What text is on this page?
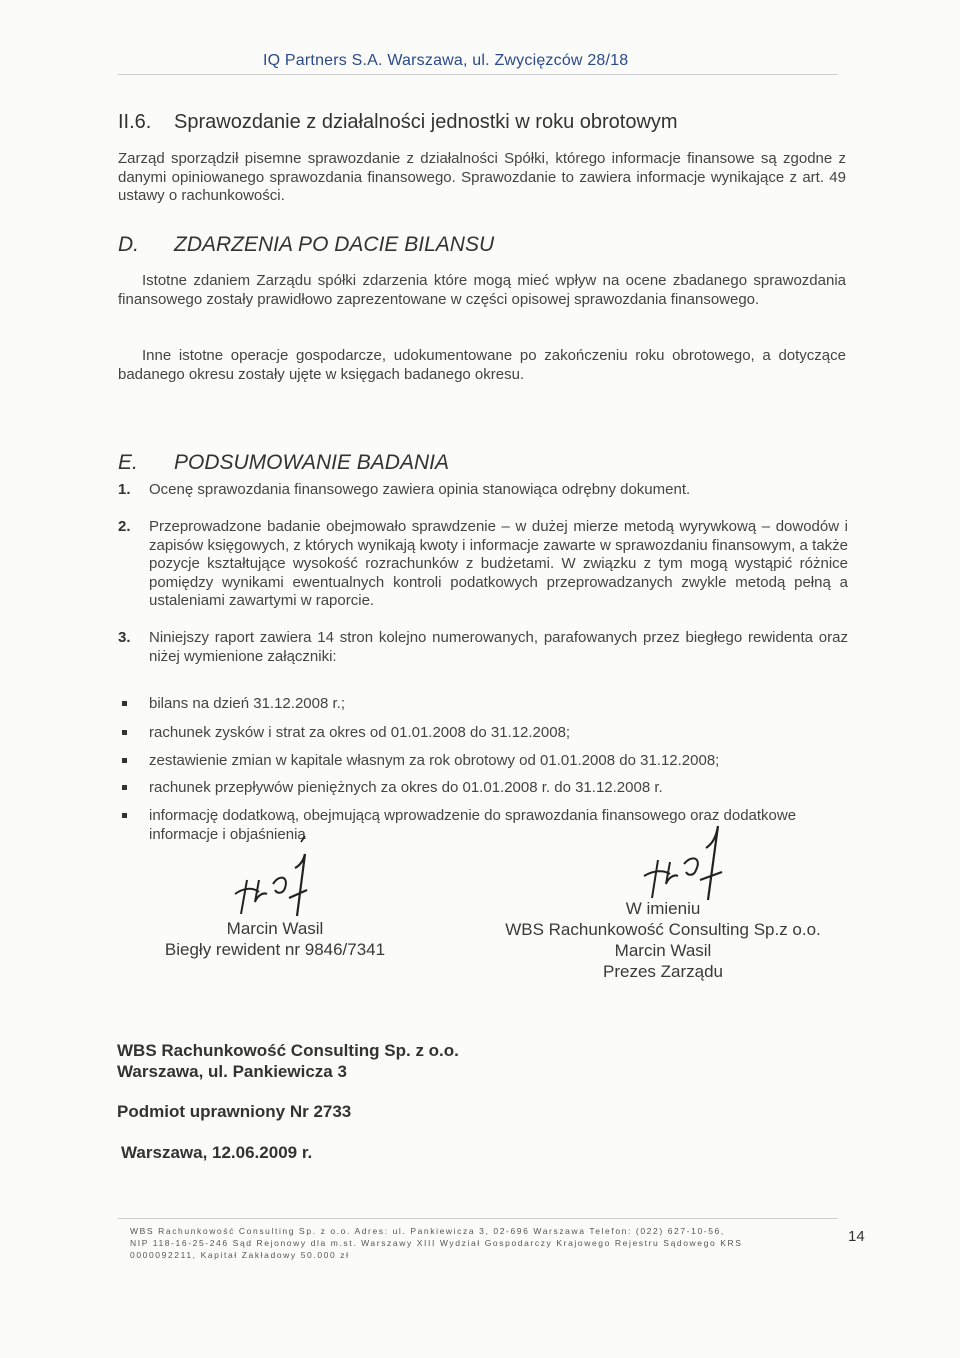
IQ Partners S.A. Warszawa, ul. Zwycięzców 28/18
II.6. Sprawozdanie z działalności jednostki w roku obrotowym
Zarząd sporządził pisemne sprawozdanie z działalności Spółki, którego informacje finansowe są zgodne z danymi opiniowanego sprawozdania finansowego. Sprawozdanie to zawiera informacje wynikające z art. 49 ustawy o rachunkowości.
D. ZDARZENIA PO DACIE BILANSU
Istotne zdaniem Zarządu spółki zdarzenia które mogą mieć wpływ na ocene zbadanego sprawozdania finansowego zostały prawidłowo zaprezentowane w części opisowej sprawozdania finansowego.
Inne istotne operacje gospodarcze, udokumentowane po zakończeniu roku obrotowego, a dotyczące badanego okresu zostały ujęte w księgach badanego okresu.
E. PODSUMOWANIE BADANIA
1.	Ocenę sprawozdania finansowego zawiera opinia stanowiąca odrębny dokument.
2.	Przeprowadzone badanie obejmowało sprawdzenie – w dużej mierze metodą wyrywkową – dowodów i zapisów księgowych, z których wynikają kwoty i informacje zawarte w sprawozdaniu finansowym, a także pozycje kształtujące wysokość rozrachunków z budżetami. W związku z tym mogą wystąpić różnice pomiędzy wynikami ewentualnych kontroli podatkowych przeprowadzanych zwykle metodą pełną a ustaleniami zawartymi w raporcie.
3.	Niniejszy raport zawiera 14 stron kolejno numerowanych, parafowanych przez biegłego rewidenta oraz niżej wymienione załączniki:
bilans na dzień 31.12.2008 r.;
rachunek zysków i strat za okres od 01.01.2008 do 31.12.2008;
zestawienie zmian w kapitale własnym za rok obrotowy od 01.01.2008 do 31.12.2008;
rachunek przepływów pieniężnych za okres do 01.01.2008 r. do 31.12.2008 r.
informację dodatkową, obejmującą wprowadzenie do sprawozdania finansowego oraz dodatkowe informacje i objaśnienia
Marcin Wasil
Biegły rewident nr 9846/7341
W imieniu
WBS Rachunkowość Consulting Sp.z o.o.
Marcin Wasil
Prezes Zarządu
WBS Rachunkowość Consulting Sp. z o.o.
Warszawa, ul. Pankiewicza 3
Podmiot uprawniony Nr 2733
Warszawa, 12.06.2009 r.
WBS Rachunkowość Consulting Sp. z o.o. Adres: ul. Pankiewicza 3, 02-696 Warszawa Telefon: (022) 627-10-56,
NIP 118-16-25-246 Sąd Rejonowy dla m.st. Warszawy XIII Wydział Gospodarczy Krajowego Rejestru Sądowego KRS
0000092211, Kapitał Zakładowy 50.000 zł
14
